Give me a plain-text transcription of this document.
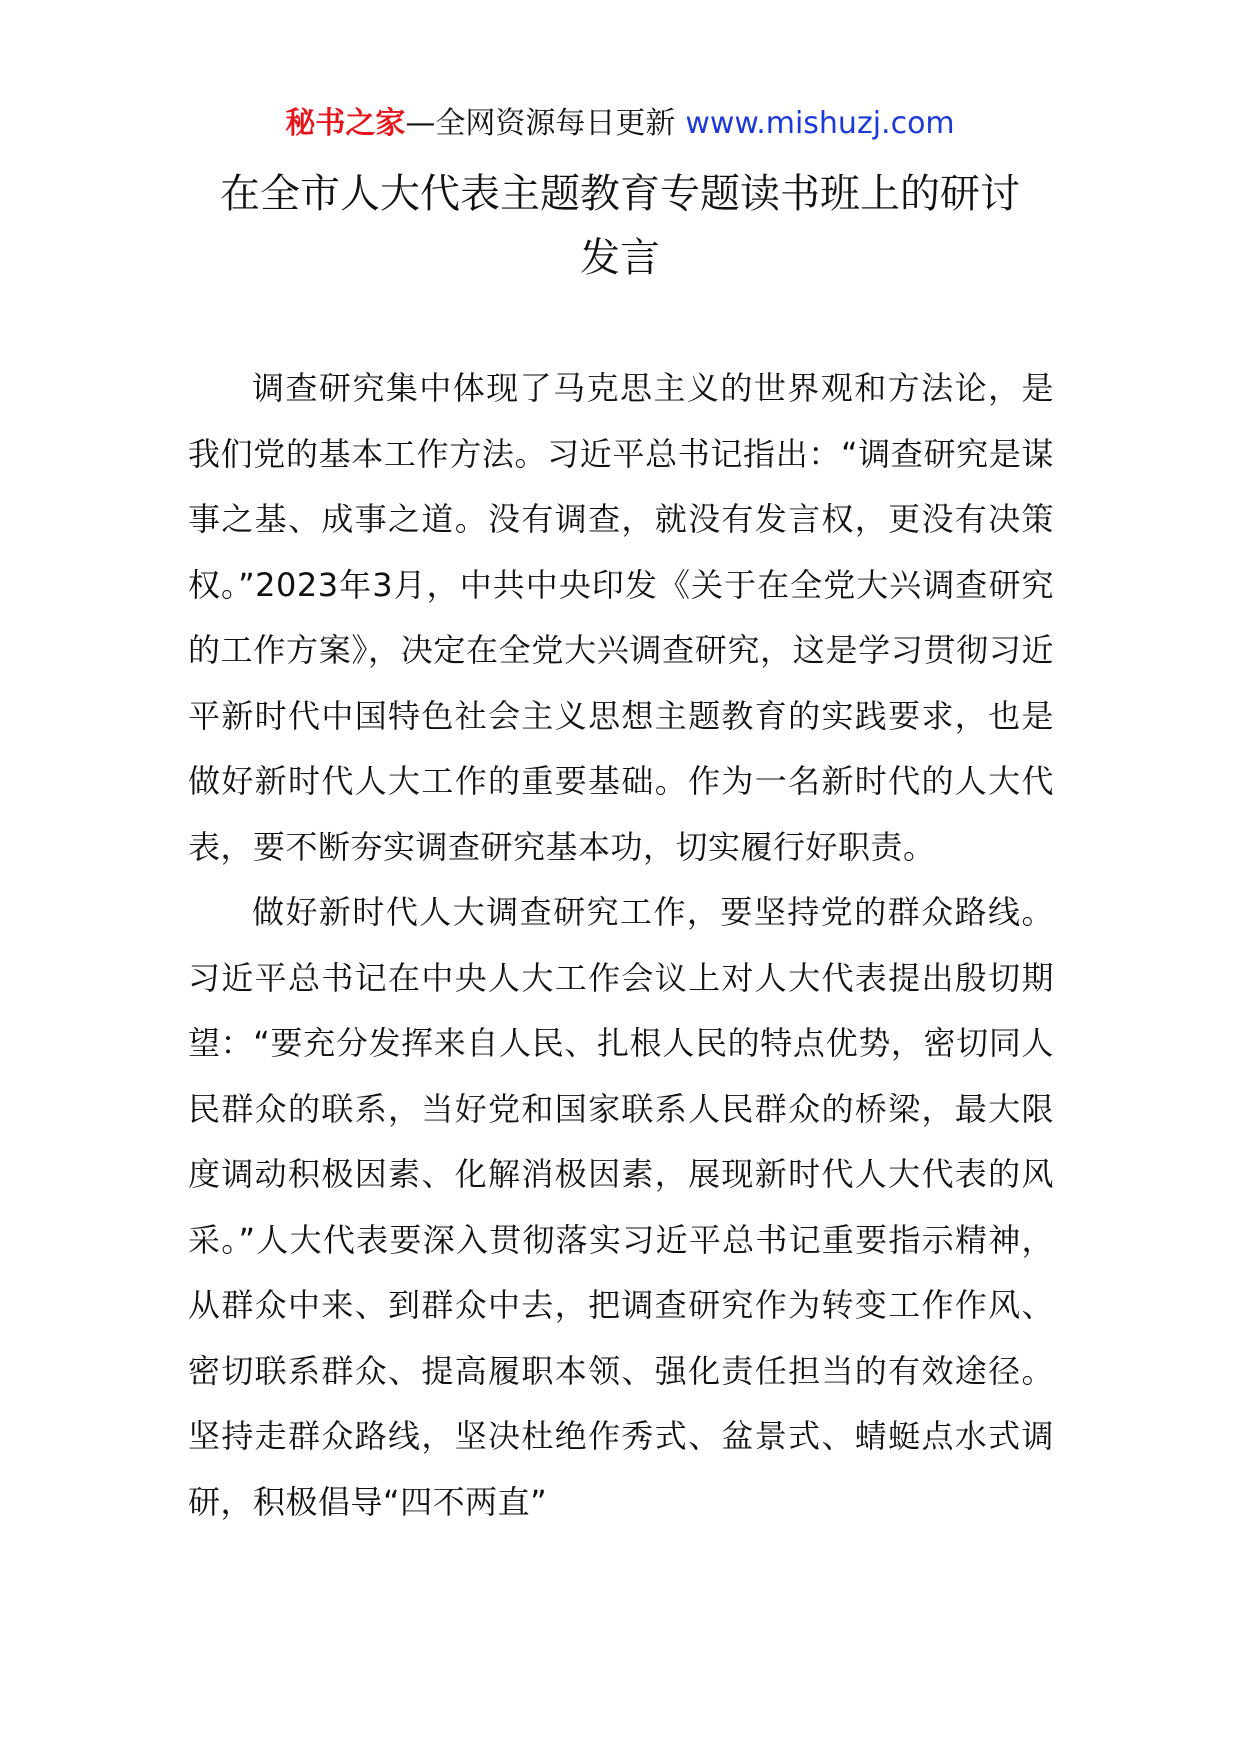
秘书之家—全网资源每日更新 www.mishuzj.com
在全市人大代表主题教育专题读书班上的研讨
发言

调查研究集中体现了马克思主义的世界观和方法论，是我们党的基本工作方法。习近平总书记指出：“调查研究是谋事之基、成事之道。没有调查，就没有发言权，更没有决策权。”2023年3月，中共中央印发《关于在全党大兴调查研究的工作方案》，决定在全党大兴调查研究，这是学习贯彻习近平新时代中国特色社会主义思想主题教育的实践要求，也是做好新时代人大工作的重要基础。作为一名新时代的人大代表，要不断夯实调查研究基本功，切实履行好职责。

做好新时代人大调查研究工作，要坚持党的群众路线。习近平总书记在中央人大工作会议上对人大代表提出殷切期望：“要充分发挥来自人民、扎根人民的特点优势，密切同人民群众的联系，当好党和国家联系人民群众的桥梁，最大限度调动积极因素、化解消极因素，展现新时代人大代表的风采。”人大代表要深入贯彻落实习近平总书记重要指示精神，从群众中来、到群众中去，把调查研究作为转变工作作风、密切联系群众、提高履职本领、强化责任担当的有效途径。坚持走群众路线，坚决杜绝作秀式、盆景式、蜻蜓点水式调研，积极倡导“四不两直”
